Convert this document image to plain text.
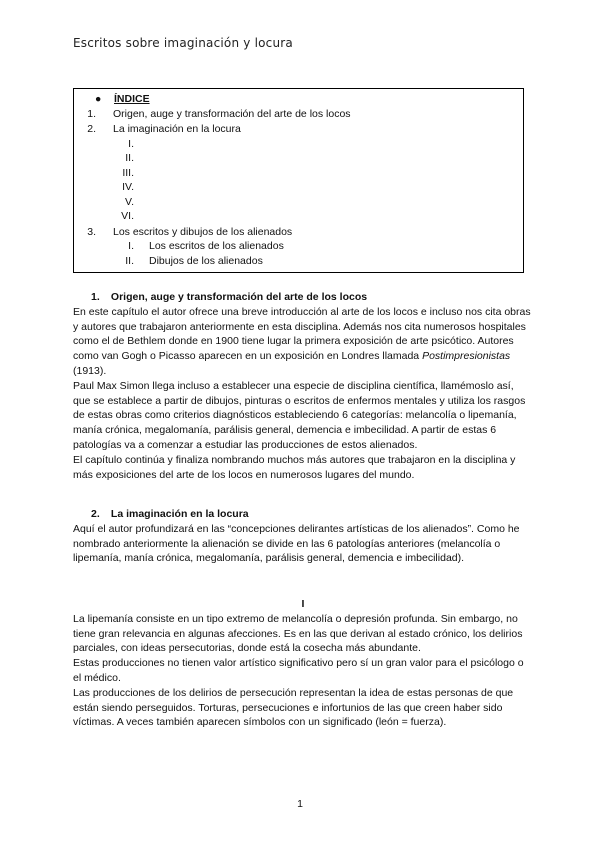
Escritos sobre imaginación y locura
● ÍNDICE
1. Origen, auge y transformación del arte de los locos
2. La imaginación en la locura
I.
II.
III.
IV.
V.
VI.
3. Los escritos y dibujos de los alienados
I. Los escritos de los alienados
II. Dibujos de los alienados
1. Origen, auge y transformación del arte de los locos

En este capítulo el autor ofrece una breve introducción al arte de los locos e incluso nos cita obras y autores que trabajaron anteriormente en esta disciplina. Además nos cita numerosos hospitales como el de Bethlem donde en 1900 tiene lugar la primera exposición de arte psicótico. Autores como van Gogh o Picasso aparecen en un exposición en Londres llamada Postimpresionistas (1913).

Paul Max Simon llega incluso a establecer una especie de disciplina científica, llamémoslo así, que se establece a partir de dibujos, pinturas o escritos de enfermos mentales y utiliza los rasgos de estas obras como criterios diagnósticos estableciendo 6 categorías: melancolía o lipemanía, manía crónica, megalomanía, parálisis general, demencia e imbecilidad. A partir de estas 6 patologías va a comenzar a estudiar las producciones de estos alienados.

El capítulo continúa y finaliza nombrando muchos más autores que trabajaron en la disciplina y más exposiciones del arte de los locos en numerosos lugares del mundo.

2. La imaginación en la locura

Aquí el autor profundizará en las “concepciones delirantes artísticas de los alienados”. Como he nombrado anteriormente la alienación se divide en las 6 patologías anteriores (melancolía o lipemanía, manía crónica, megalomanía, parálisis general, demencia e imbecilidad).

I

La lipemanía consiste en un tipo extremo de melancolía o depresión profunda. Sin embargo, no tiene gran relevancia en algunas afecciones. Es en las que derivan al estado crónico, los delirios parciales, con ideas persecutorias, donde está la cosecha más abundante.

Estas producciones no tienen valor artístico significativo pero sí un gran valor para el psicólogo o el médico.

Las producciones de los delirios de persecución representan la idea de estas personas de que están siendo perseguidos. Torturas, persecuciones e infortunios de las que creen haber sido víctimas. A veces también aparecen símbolos con un significado (león = fuerza).

1
